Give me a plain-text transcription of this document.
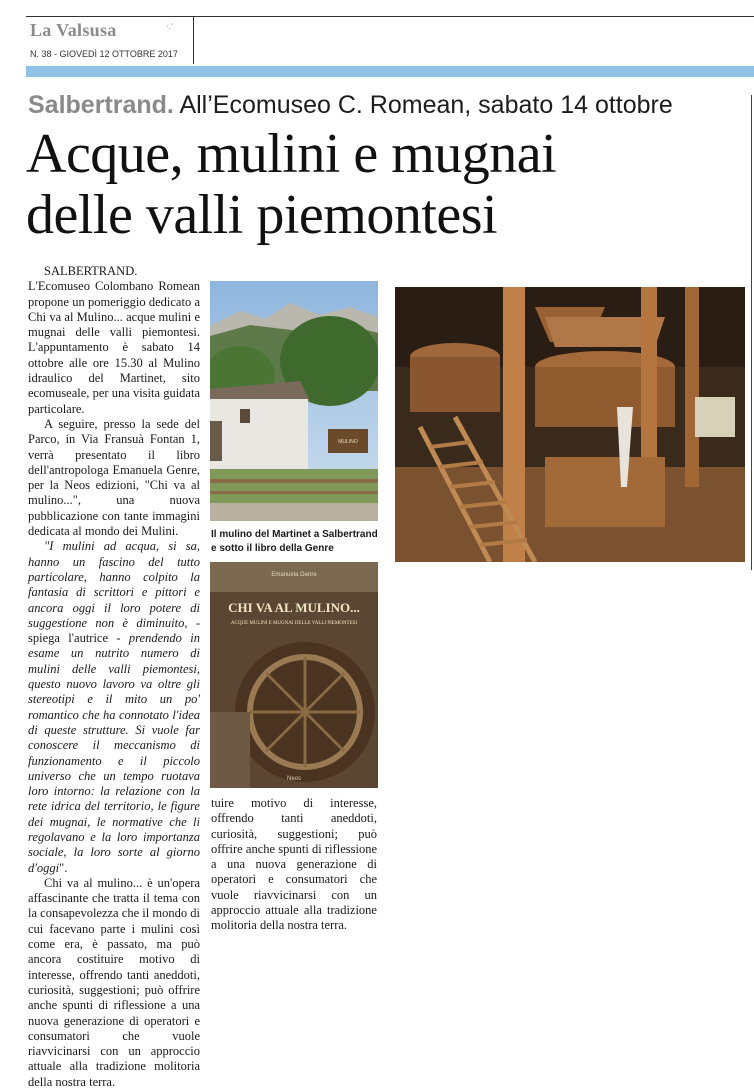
La Valsusa	·.¨
N. 38 - GIOVEDÌ 12 OTTOBRE 2017
Salbertrand. All’Ecomuseo C. Romean, sabato 14 ottobre
Acque, mulini e mugnai
delle valli piemontesi

SALBERTRAND. L'Ecomuseo Colombano Romean propone un pomeriggio dedicato a Chi va al Mulino... acque mulini e mugnai delle valli piemontesi. L'appuntamento è sabato 14 ottobre alle ore 15.30 al Mulino idraulico del Martinet, sito ecomuseale, per una visita guidata particolare.

A seguire, presso la sede del Parco, in Via Fransuà Fontan 1, verrà presentato il libro dell'antropologa Emanuela Genre, per la Neos edizioni, "Chi va al mulino...", una nuova pubblicazione con tante immagini dedicata al mondo dei Mulini.

"I mulini ad acqua, si sa, hanno un fascino del tutto particolare, hanno colpito la fantasia di scrittori e pittori e ancora oggi il loro potere di suggestione non è diminuito, - spiega l'autrice - prendendo in esame un nutrito numero di mulini delle valli piemontesi, questo nuovo lavoro va oltre gli stereotipi e il mito un po' romantico che ha connotato l'idea di queste strutture. Si vuole far conoscere il meccanismo di funzionamento e il piccolo universo che un tempo ruotava loro intorno: la relazione con la rete idrica del territorio, le figure dei mugnai, le normative che li regolavano e la loro importanza sociale, la loro sorte al giorno d'oggi".

Chi va al mulino... è un'opera affascinante che tratta il tema con la consapevolezza che il mondo di cui facevano parte i mulini così come era, è passato, ma può ancora costituire motivo di interesse, offrendo tanti aneddoti, curiosità, suggestioni; può offrire anche spunti di riflessione a una nuova generazione di operatori e consumatori che vuole riavvicinarsi con un approccio attuale alla tradizione molitoria della nostra terra.

MULINO
Il mulino del Martinet a Salbertrand e sotto il libro della Genre
Emanuela Genre
CHI VA AL MULINO...
ACQUE MULINI E MUGNAI DELLE VALLI PIEMONTESI
Neos

tuire motivo di interesse, offrendo tanti aneddoti, curiosità, suggestioni; può offrire anche spunti di riflessione a una nuova generazione di operatori e consumatori che vuole riavvicinarsi con un approccio attuale alla tradizione molitoria della nostra terra.
